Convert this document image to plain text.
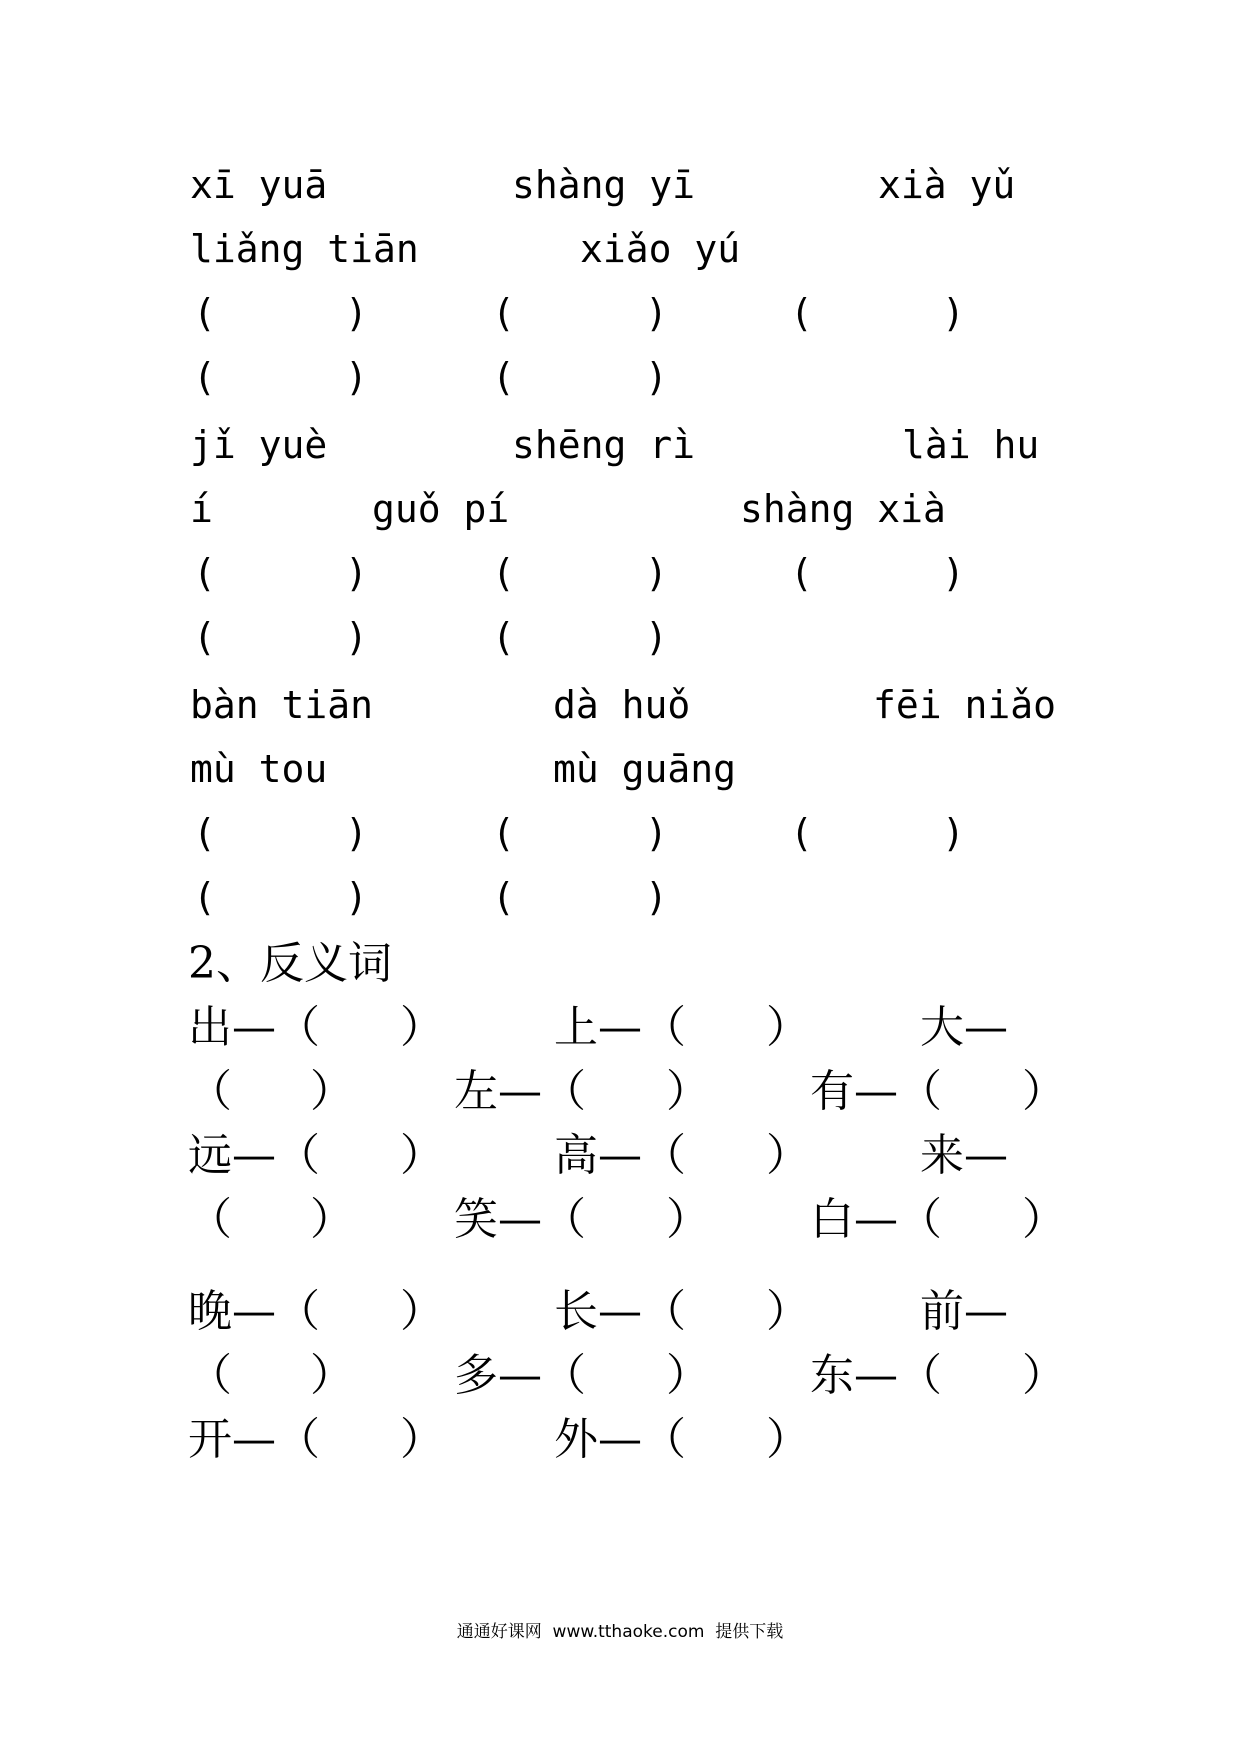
xī yuā	shàng yī	xià yǔ
liǎng tiān	xiǎo yú
(	)	(	)	(	)
(	)	(	)
jǐ yuè	shēng rì	lài hu
í	guǒ pí	shàng xià
(	)	(	)	(	)
(	)	(	)
bàn tiān	dà huǒ	fēi niǎo
mù tou	mù guāng
(	)	(	)	(	)
(	)	(	)
2、反义词
出—（ ）	上—（ ）	大—
（ ） 左—（ ） 有—（ ）
远—（ ）	高—（ ）	来—
（ ） 笑—（ ） 白—（ ）
晚—（ ）	长—（ ）	前—
（ ） 多—（ ） 东—（ ）
开—（ ）	外—（ ）
通通好课网  www.tthaoke.com  提供下载
